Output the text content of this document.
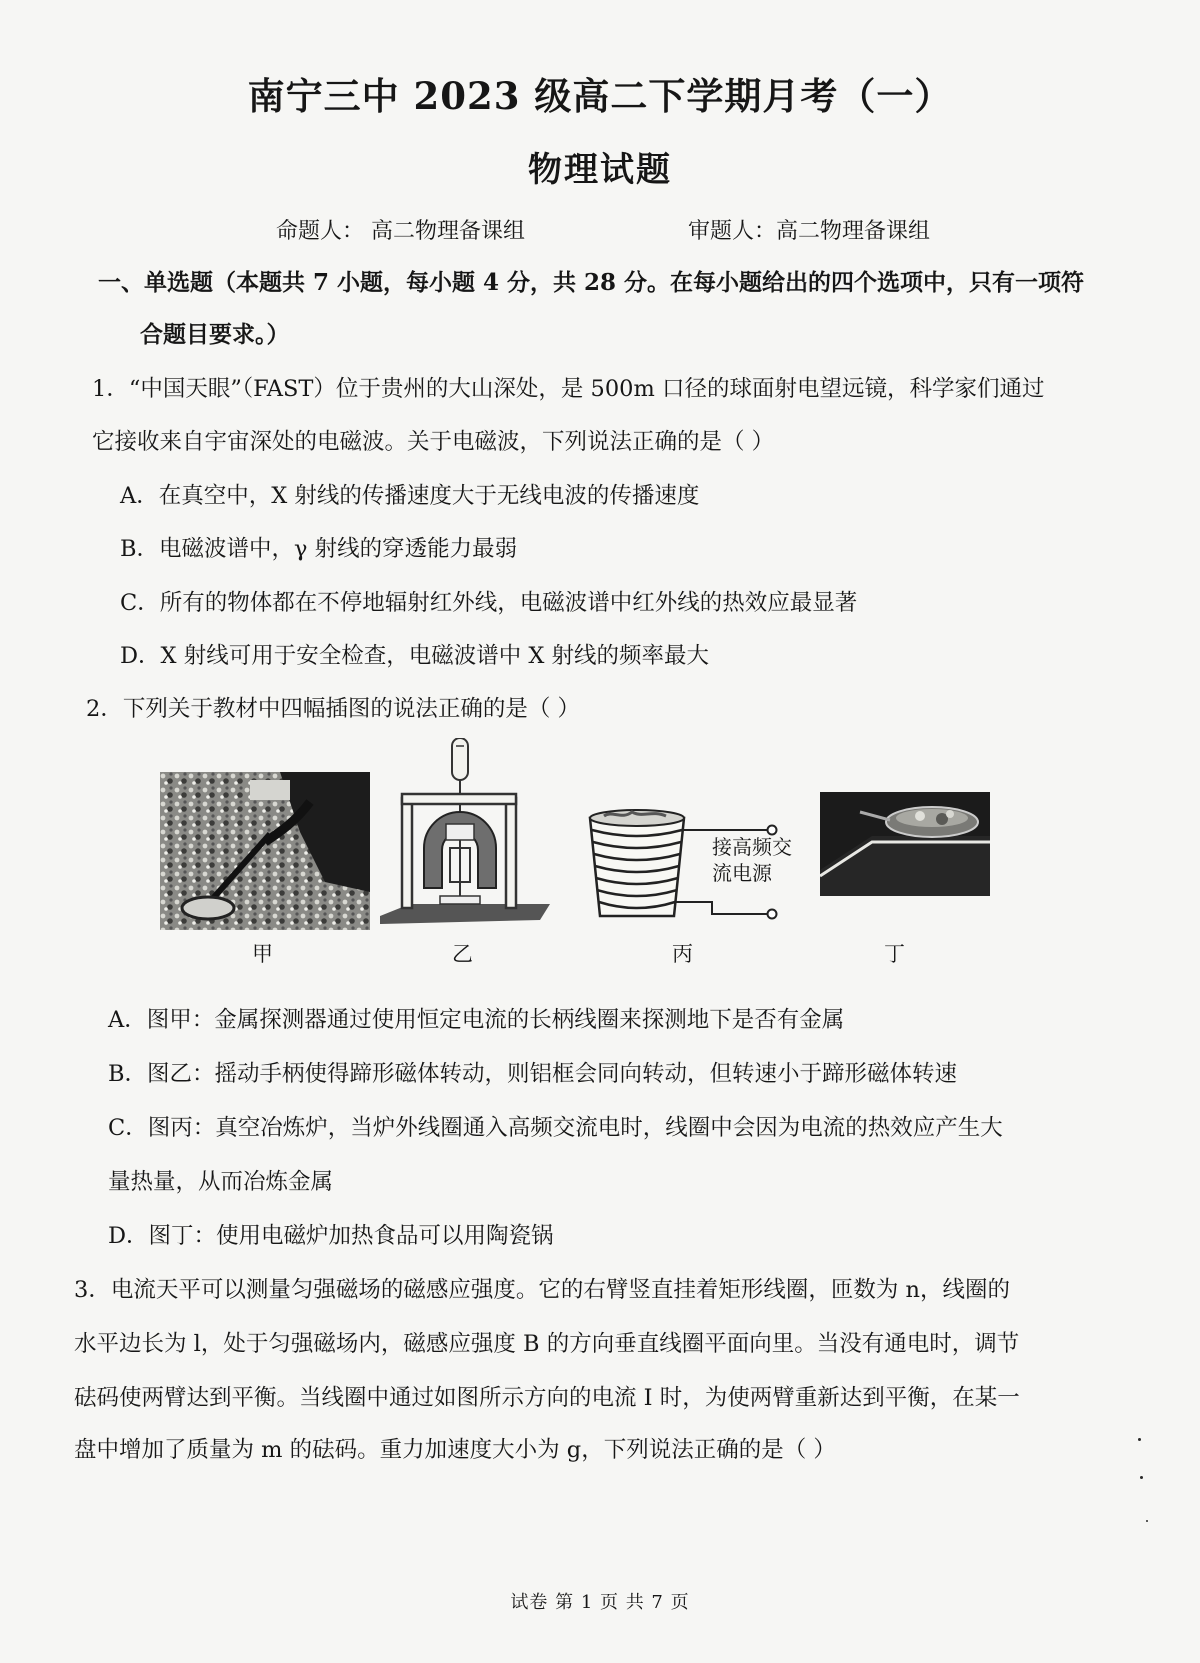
南宁三中 2023 级高二下学期月考（一）
物理试题
命题人： 高二物理备课组	审题人：高二物理备课组
一、单选题（本题共 7 小题，每小题 4 分，共 28 分。在每小题给出的四个选项中，只有一项符
合题目要求。）
1．“中国天眼”（FAST）位于贵州的大山深处，是 500m 口径的球面射电望远镜，科学家们通过
它接收来自宇宙深处的电磁波。关于电磁波，下列说法正确的是（ ）
A．在真空中，X 射线的传播速度大于无线电波的传播速度
B．电磁波谱中，γ 射线的穿透能力最弱
C．所有的物体都在不停地辐射红外线，电磁波谱中红外线的热效应最显著
D．X 射线可用于安全检查，电磁波谱中 X 射线的频率最大
2．下列关于教材中四幅插图的说法正确的是（ ）
甲	乙
接高频交
流电源
丙	丁
A．图甲：金属探测器通过使用恒定电流的长柄线圈来探测地下是否有金属
B．图乙：摇动手柄使得蹄形磁体转动，则铝框会同向转动，但转速小于蹄形磁体转速
C．图丙：真空冶炼炉，当炉外线圈通入高频交流电时，线圈中会因为电流的热效应产生大
量热量，从而冶炼金属
D．图丁：使用电磁炉加热食品可以用陶瓷锅
3．电流天平可以测量匀强磁场的磁感应强度。它的右臂竖直挂着矩形线圈，匝数为 n，线圈的
水平边长为 l，处于匀强磁场内，磁感应强度 B 的方向垂直线圈平面向里。当没有通电时，调节
砝码使两臂达到平衡。当线圈中通过如图所示方向的电流 I 时，为使两臂重新达到平衡，在某一
盘中增加了质量为 m 的砝码。重力加速度大小为 g，下列说法正确的是（ ）
试卷 第 1 页 共 7 页
